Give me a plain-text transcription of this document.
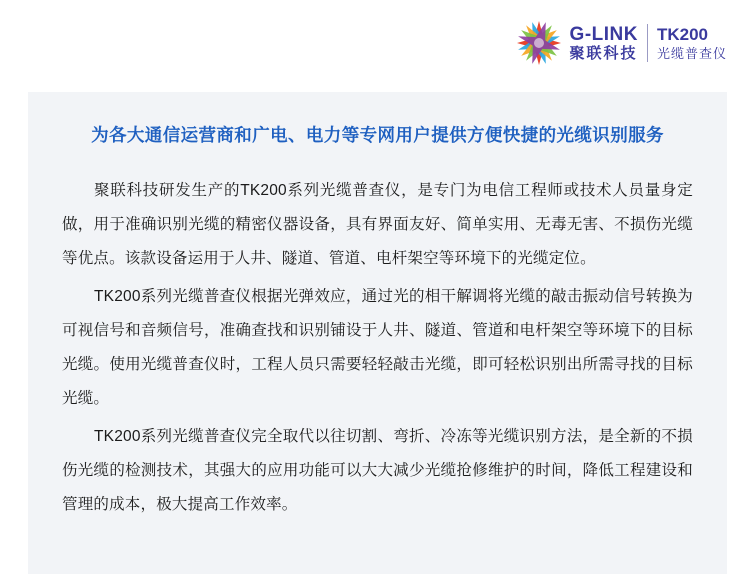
G-LINK
聚联科技
TK200
光缆普查仪
为各大通信运营商和广电、电力等专网用户提供方便快捷的光缆识别服务

聚联科技研发生产的TK200系列光缆普查仪，是专门为电信工程师或技术人员量身定做，用于准确识别光缆的精密仪器设备，具有界面友好、简单实用、无毒无害、不损伤光缆等优点。该款设备运用于人井、隧道、管道、电杆架空等环境下的光缆定位。

TK200系列光缆普查仪根据光弹效应，通过光的相干解调将光缆的敲击振动信号转换为可视信号和音频信号，准确查找和识别铺设于人井、隧道、管道和电杆架空等环境下的目标光缆。使用光缆普查仪时，工程人员只需要轻轻敲击光缆，即可轻松识别出所需寻找的目标光缆。

TK200系列光缆普查仪完全取代以往切割、弯折、冷冻等光缆识别方法，是全新的不损伤光缆的检测技术，其强大的应用功能可以大大减少光缆抢修维护的时间，降低工程建设和管理的成本，极大提高工作效率。
